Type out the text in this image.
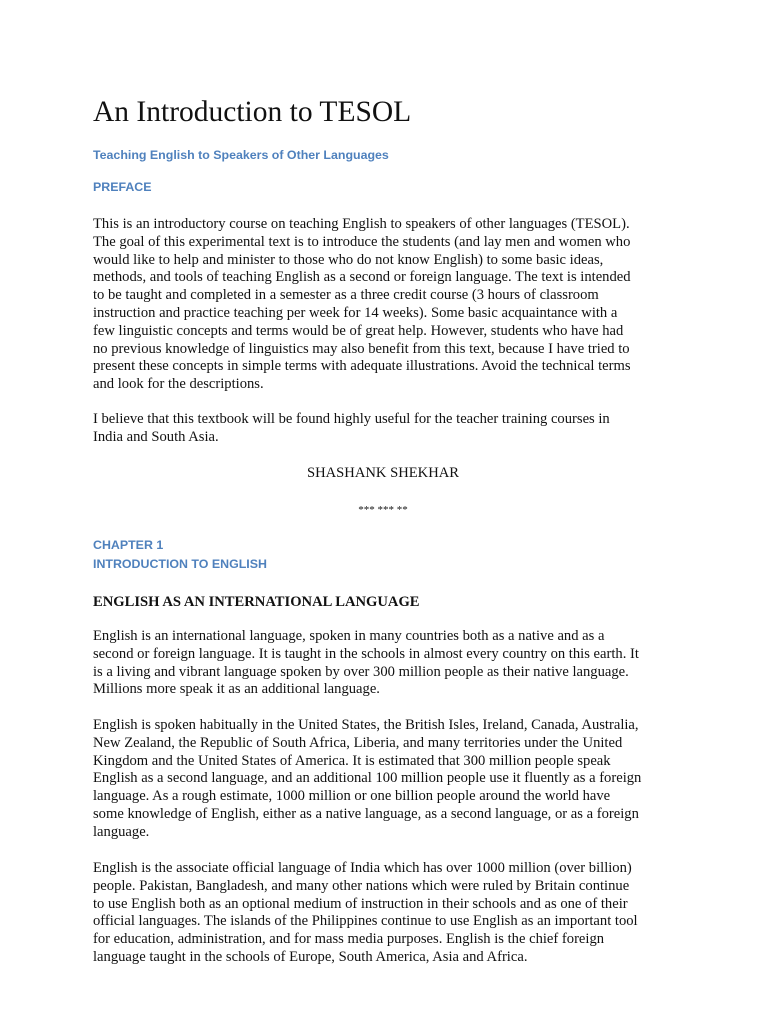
An Introduction to TESOL

Teaching English to Speakers of Other Languages

PREFACE

This is an introductory course on teaching English to speakers of other languages (TESOL).
The goal of this experimental text is to introduce the students (and lay men and women who
would like to help and minister to those who do not know English) to some basic ideas,
methods, and tools of teaching English as a second or foreign language. The text is intended
to be taught and completed in a semester as a three credit course (3 hours of classroom
instruction and practice teaching per week for 14 weeks). Some basic acquaintance with a
few linguistic concepts and terms would be of great help. However, students who have had
no previous knowledge of linguistics may also benefit from this text, because I have tried to
present these concepts in simple terms with adequate illustrations. Avoid the technical terms
and look for the descriptions.
I believe that this textbook will be found highly useful for the teacher training courses in
India and South Asia.

SHASHANK SHEKHAR

*** *** **

CHAPTER 1

INTRODUCTION TO ENGLISH

ENGLISH AS AN INTERNATIONAL LANGUAGE
English is an international language, spoken in many countries both as a native and as a
second or foreign language. It is taught in the schools in almost every country on this earth. It
is a living and vibrant language spoken by over 300 million people as their native language.
Millions more speak it as an additional language.
English is spoken habitually in the United States, the British Isles, Ireland, Canada, Australia,
New Zealand, the Republic of South Africa, Liberia, and many territories under the United
Kingdom and the United States of America. It is estimated that 300 million people speak
English as a second language, and an additional 100 million people use it fluently as a foreign
language. As a rough estimate, 1000 million or one billion people around the world have
some knowledge of English, either as a native language, as a second language, or as a foreign
language.
English is the associate official language of India which has over 1000 million (over billion)
people. Pakistan, Bangladesh, and many other nations which were ruled by Britain continue
to use English both as an optional medium of instruction in their schools and as one of their
official languages. The islands of the Philippines continue to use English as an important tool
for education, administration, and for mass media purposes. English is the chief foreign
language taught in the schools of Europe, South America, Asia and Africa.
